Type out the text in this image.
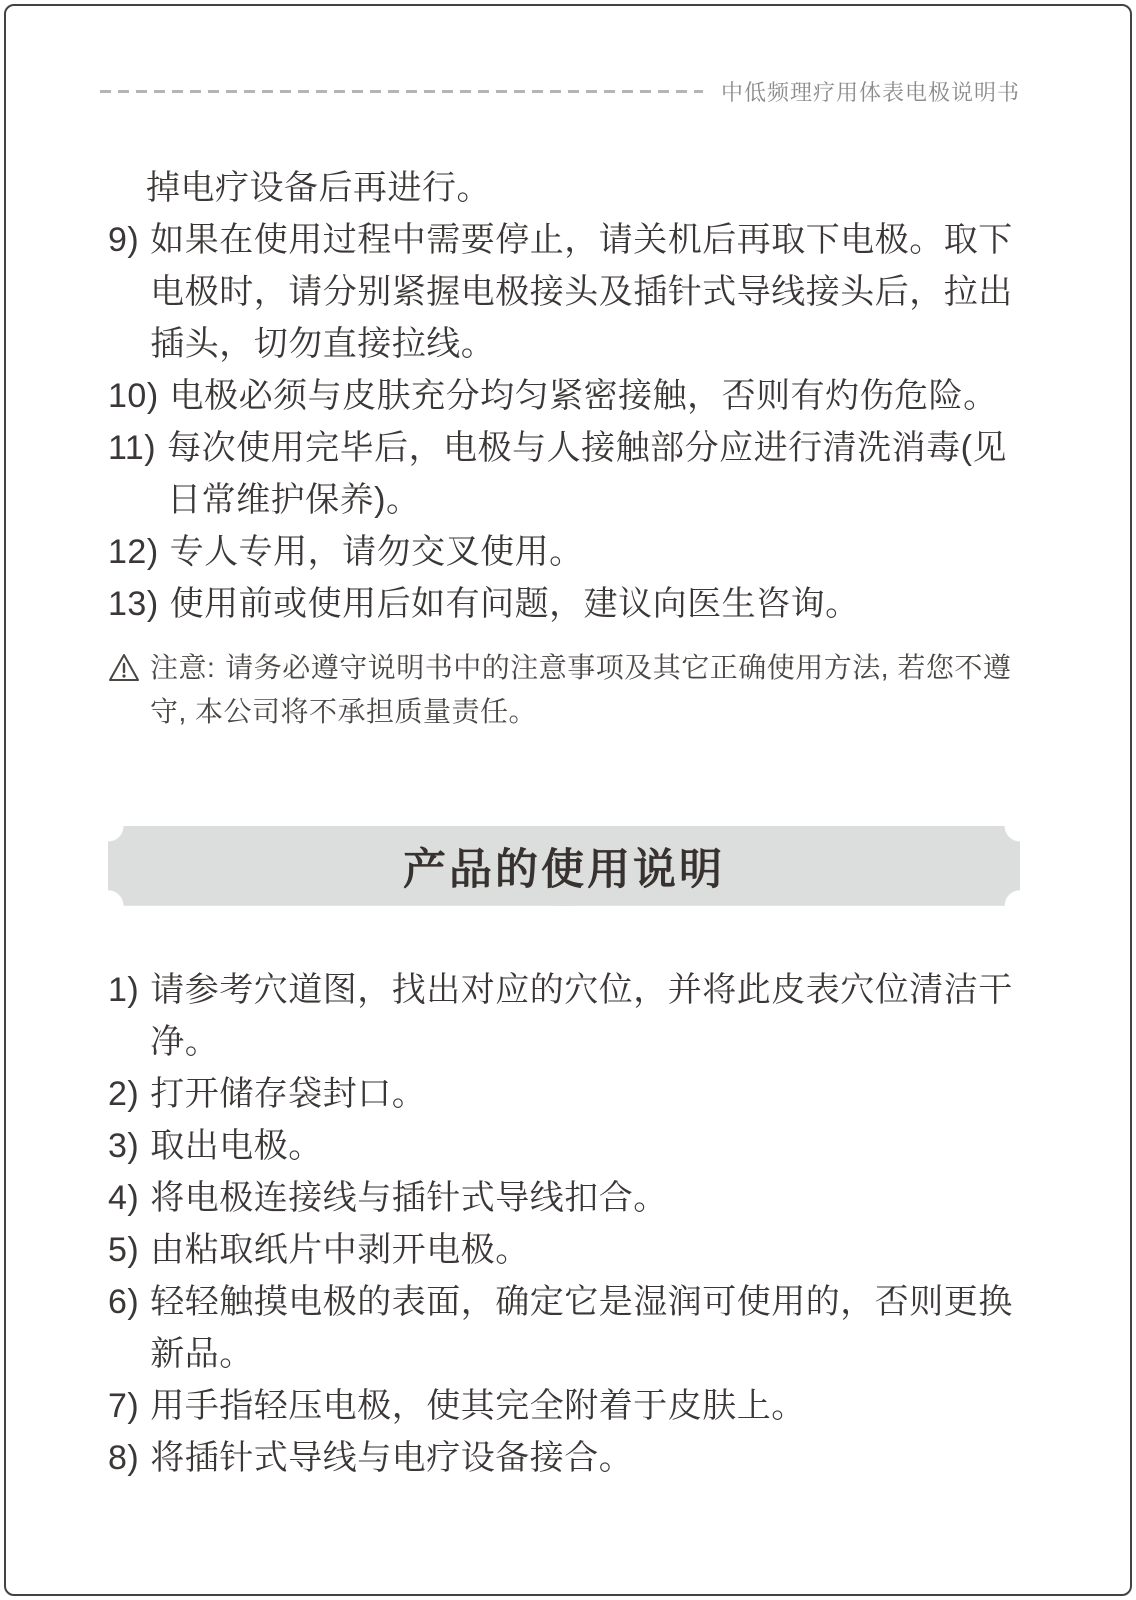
中低频理疗用体表电极说明书
掉电疗设备后再进行。
9) 如果在使用过程中需要停止，请关机后再取下电极。取下电极时，请分别紧握电极接头及插针式导线接头后，拉出插头，切勿直接拉线。
10) 电极必须与皮肤充分均匀紧密接触，否则有灼伤危险。
11) 每次使用完毕后，电极与人接触部分应进行清洗消毒(见日常维护保养)。
12) 专人专用，请勿交叉使用。
13) 使用前或使用后如有问题，建议向医生咨询。
注意: 请务必遵守说明书中的注意事项及其它正确使用方法, 若您不遵守, 本公司将不承担质量责任。
产品的使用说明
1) 请参考穴道图，找出对应的穴位，并将此皮表穴位清洁干净。
2) 打开储存袋封口。
3) 取出电极。
4) 将电极连接线与插针式导线扣合。
5) 由粘取纸片中剥开电极。
6) 轻轻触摸电极的表面，确定它是湿润可使用的，否则更换新品。
7) 用手指轻压电极，使其完全附着于皮肤上。
8) 将插针式导线与电疗设备接合。
